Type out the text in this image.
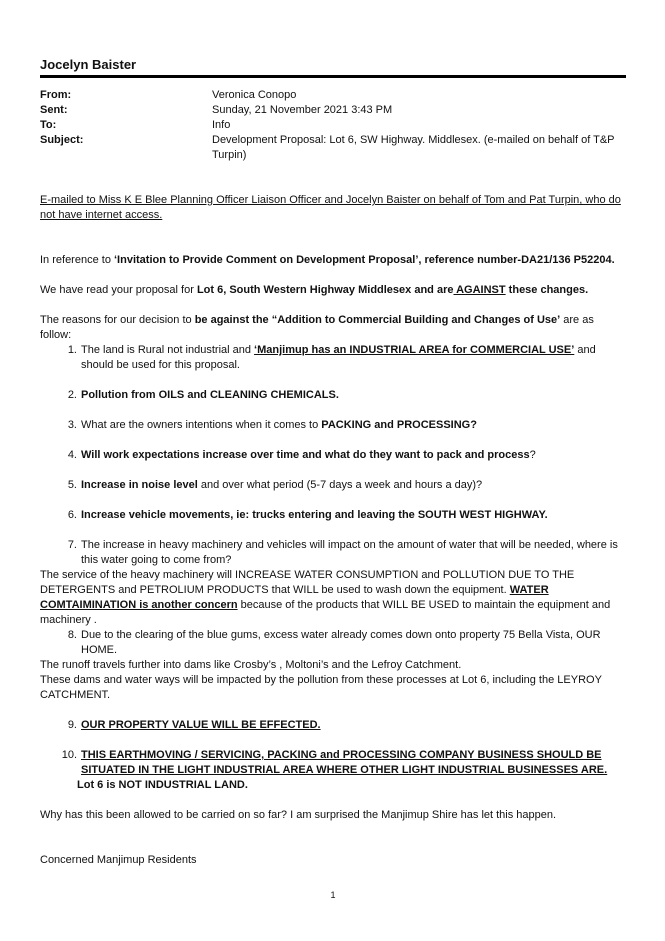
Jocelyn Baister
From:	Veronica Conopo
Sent:	Sunday, 21 November 2021 3:43 PM
To:	Info
Subject:	Development Proposal: Lot 6, SW Highway. Middlesex. (e-mailed on behalf of T&P Turpin)
E-mailed to Miss K E Blee Planning Officer Liaison Officer and Jocelyn Baister on behalf of Tom and Pat Turpin, who do not have internet access.
In reference to ‘Invitation to Provide Comment on Development Proposal’, reference number-DA21/136 P52204.
We have read your proposal for Lot 6, South Western Highway Middlesex and are AGAINST these changes.
The reasons for our decision to be against the “Addition to Commercial Building and Changes of Use’ are as follow:
1. The land is Rural not industrial and ‘Manjimup has an INDUSTRIAL AREA for COMMERCIAL USE’ and should be used for this proposal.
2. Pollution from OILS and CLEANING CHEMICALS.
3. What are the owners intentions when it comes to PACKING and PROCESSING?
4. Will work expectations increase over time and what do they want to pack and process?
5. Increase in noise level and over what period (5-7 days a week and hours a day)?
6. Increase vehicle movements, ie: trucks entering and leaving the SOUTH WEST HIGHWAY.
7. The increase in heavy machinery and vehicles will impact on the amount of water that will be needed, where is this water going to come from?
The service of the heavy machinery will INCREASE WATER CONSUMPTION and POLLUTION DUE TO THE DETERGENTS and PETROLIUM PRODUCTS that WILL be used to wash down the equipment. WATER COMTAIMINATION is another concern because of the products that WILL BE USED to maintain the equipment and machinery .
8. Due to the clearing of the blue gums, excess water already comes down onto property 75 Bella Vista, OUR HOME.
The runoff travels further into dams like Crosby’s , Moltoni’s and the Lefroy Catchment.
These dams and water ways will be impacted by the pollution from these processes at Lot 6, including the LEYROY CATCHMENT.
9. OUR PROPERTY VALUE WILL BE EFFECTED.
10. THIS EARTHMOVING / SERVICING, PACKING and PROCESSING COMPANY BUSINESS SHOULD BE SITUATED IN THE LIGHT INDUSTRIAL AREA WHERE OTHER LIGHT INDUSTRIAL BUSINESSES ARE.
Lot 6 is NOT INDUSTRIAL LAND.
Why has this been allowed to be carried on so far? I am surprised the Manjimup Shire has let this happen.
Concerned Manjimup Residents
1
